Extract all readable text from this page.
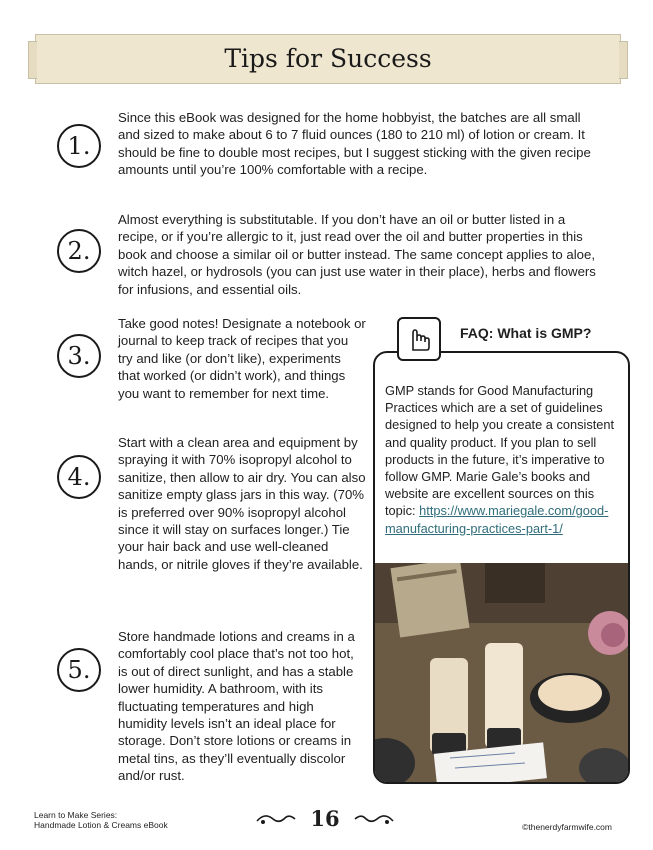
Tips for Success
1.

Since this eBook was designed for the home hobbyist, the batches are all small and sized to make about 6 to 7 fluid ounces (180 to 210 ml) of lotion or cream. It should be fine to double most recipes, but I suggest sticking with the given recipe amounts until you’re 100% comfortable with a recipe.

2.

Almost everything is substitutable. If you don’t have an oil or butter listed in a recipe, or if you’re allergic to it, just read over the oil and butter properties in this book and choose a similar oil or butter instead. The same concept applies to aloe, witch hazel, or hydrosols (you can just use water in their place), herbs and flowers for infusions, and essential oils.

3.

Take good notes! Designate a notebook or journal to keep track of recipes that you try and like (or don’t like), experiments that worked (or didn’t work), and things you want to remember for next time.

4.

Start with a clean area and equipment by spraying it with 70% isopropyl alcohol to sanitize, then allow to air dry. You can also sanitize empty glass jars in this way. (70% is preferred over 90% isopropyl alcohol since it will stay on surfaces longer.) Tie your hair back and use well-cleaned hands, or nitrile gloves if they’re available.

5.

Store handmade lotions and creams in a comfortably cool place that’s not too hot, is out of direct sunlight, and has a stable lower humidity. A bathroom, with its fluctuating temperatures and high humidity levels isn’t an ideal place for storage. Don’t store lotions or creams in metal tins, as they’ll eventually discolor and/or rust.

GMP stands for Good Manufacturing Practices which are a set of guidelines designed to help you create a consistent and quality product. If you plan to sell products in the future, it’s imperative to follow GMP. Marie Gale’s books and website are excellent sources on this topic: https://www.mariegale.com/good-manufacturing-practices-part-1/

FAQ: What is GMP?

Learn to Make Series:
Handmade Lotion & Creams eBook	16	©thenerdyfarmwife.com
